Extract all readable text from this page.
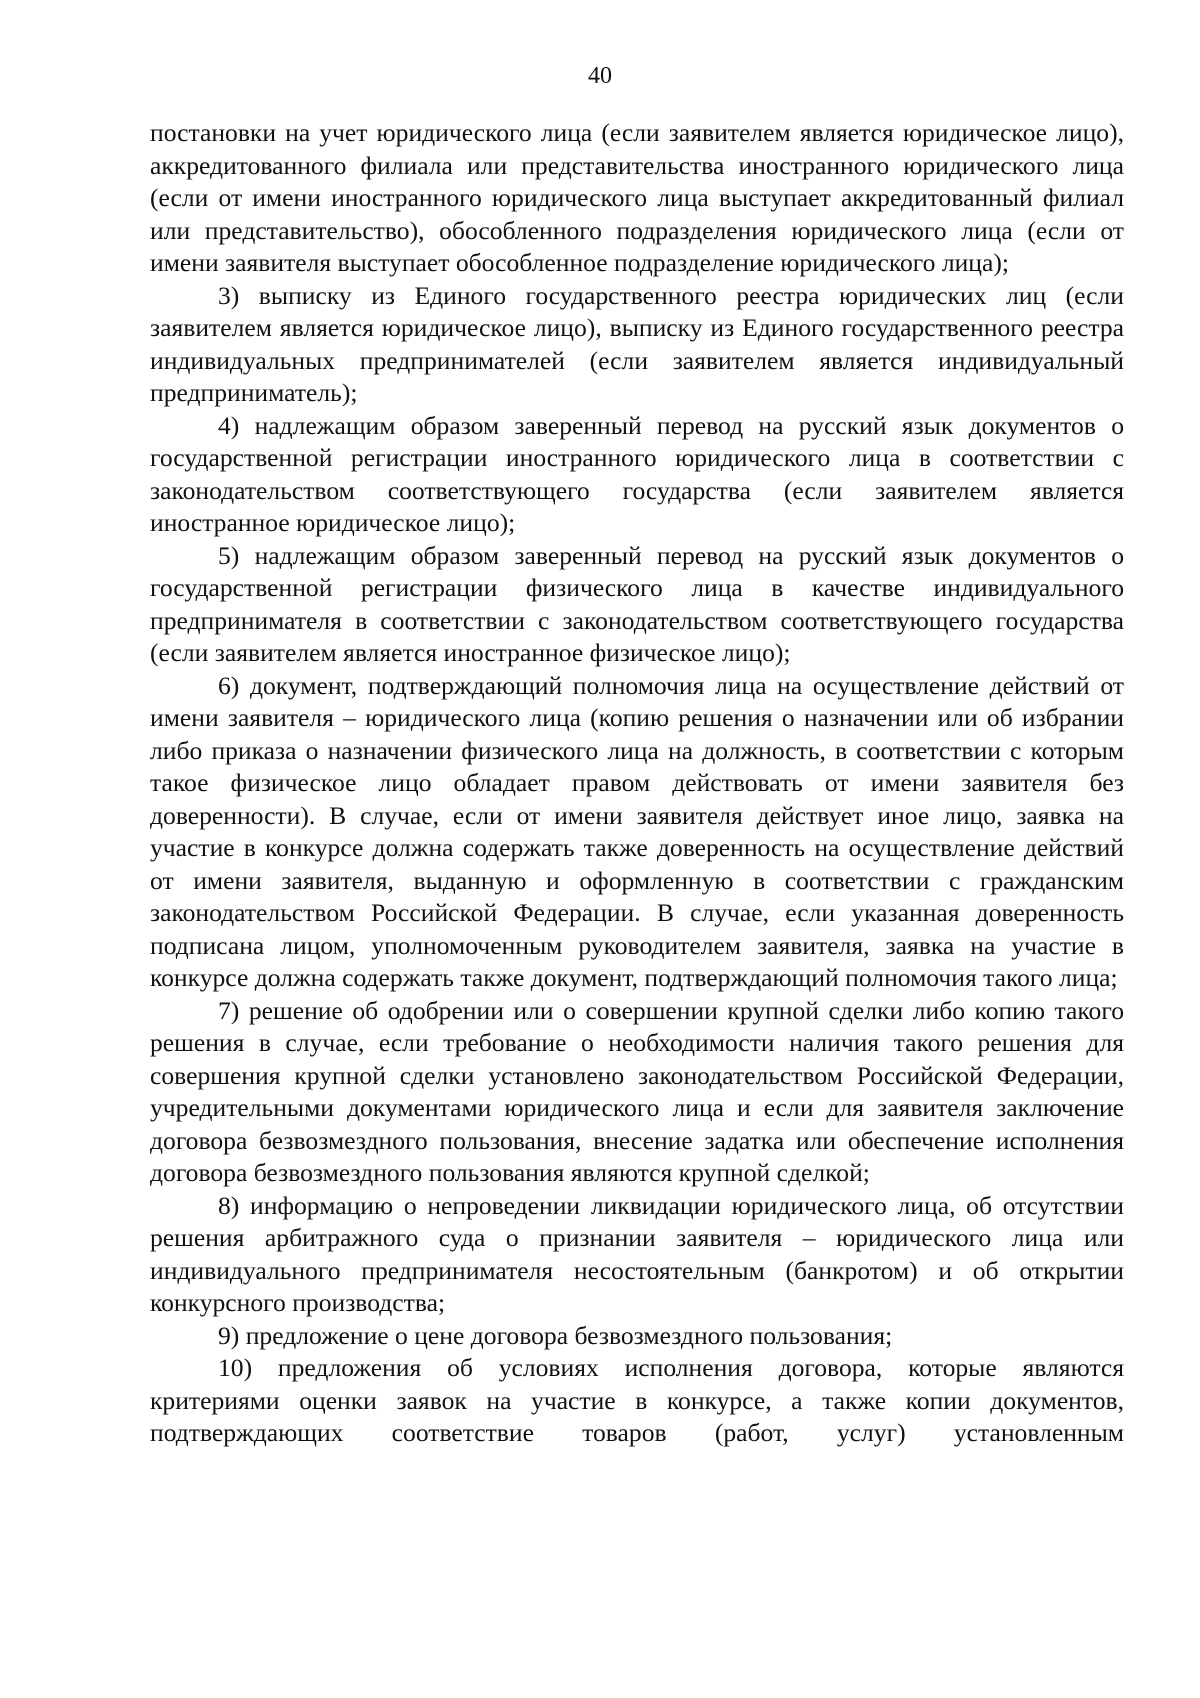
40

постановки на учет юридического лица (если заявителем является юридическое лицо), аккредитованного филиала или представительства иностранного юридического лица (если от имени иностранного юридического лица выступает аккредитованный филиал или представительство), обособленного подразделения юридического лица (если от имени заявителя выступает обособленное подразделение юридического лица);

3) выписку из Единого государственного реестра юридических лиц (если заявителем является юридическое лицо), выписку из Единого государственного реестра индивидуальных предпринимателей (если заявителем является индивидуальный предприниматель);

4) надлежащим образом заверенный перевод на русский язык документов о государственной регистрации иностранного юридического лица в соответствии с законодательством соответствующего государства (если заявителем является иностранное юридическое лицо);

5) надлежащим образом заверенный перевод на русский язык документов о государственной регистрации физического лица в качестве индивидуального предпринимателя в соответствии с законодательством соответствующего государства (если заявителем является иностранное физическое лицо);

6) документ, подтверждающий полномочия лица на осуществление действий от имени заявителя – юридического лица (копию решения о назначении или об избрании либо приказа о назначении физического лица на должность, в соответствии с которым такое физическое лицо обладает правом действовать от имени заявителя без доверенности). В случае, если от имени заявителя действует иное лицо, заявка на участие в конкурсе должна содержать также доверенность на осуществление действий от имени заявителя, выданную и оформленную в соответствии с гражданским законодательством Российской Федерации. В случае, если указанная доверенность подписана лицом, уполномоченным руководителем заявителя, заявка на участие в конкурсе должна содержать также документ, подтверждающий полномочия такого лица;

7) решение об одобрении или о совершении крупной сделки либо копию такого решения в случае, если требование о необходимости наличия такого решения для совершения крупной сделки установлено законодательством Российской Федерации, учредительными документами юридического лица и если для заявителя заключение договора безвозмездного пользования, внесение задатка или обеспечение исполнения договора безвозмездного пользования являются крупной сделкой;

8) информацию о непроведении ликвидации юридического лица, об отсутствии решения арбитражного суда о признании заявителя – юридического лица или индивидуального предпринимателя несостоятельным (банкротом) и об открытии конкурсного производства;

9) предложение о цене договора безвозмездного пользования;

10) предложения об условиях исполнения договора, которые являются критериями оценки заявок на участие в конкурсе, а также копии документов, подтверждающих соответствие товаров (работ, услуг) установленным
